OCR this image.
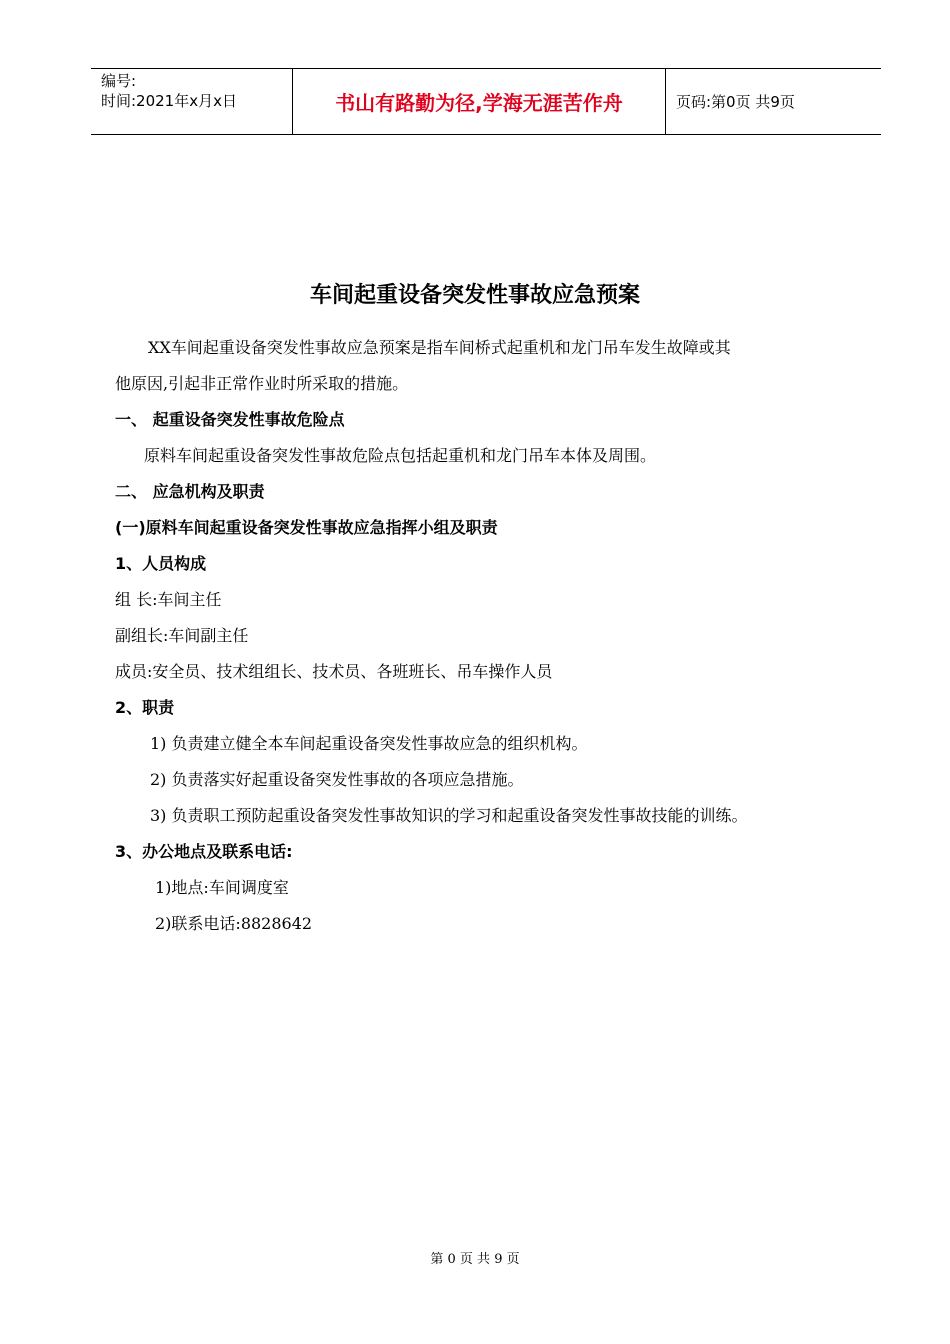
编号:
时间:2021年x月x日	书山有路勤为径,学海无涯苦作舟	页码:第0页 共9页
车间起重设备突发性事故应急预案
XX车间起重设备突发性事故应急预案是指车间桥式起重机和龙门吊车发生故障或其
他原因,引起非正常作业时所采取的措施。
一、 起重设备突发性事故危险点
原料车间起重设备突发性事故危险点包括起重机和龙门吊车本体及周围。
二、 应急机构及职责
(一)原料车间起重设备突发性事故应急指挥小组及职责
1、人员构成
组 长:车间主任
副组长:车间副主任
成员:安全员、技术组组长、技术员、各班班长、吊车操作人员
2、职责
1) 负责建立健全本车间起重设备突发性事故应急的组织机构。
2) 负责落实好起重设备突发性事故的各项应急措施。
3) 负责职工预防起重设备突发性事故知识的学习和起重设备突发性事故技能的训练。
3、办公地点及联系电话:
1)地点:车间调度室
2)联系电话:8828642
第 0 页 共 9 页
